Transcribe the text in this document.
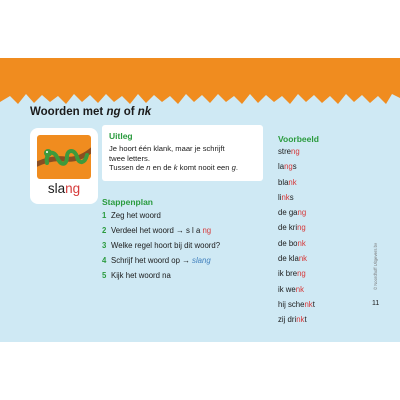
Woorden met ng of nk
slang
Uitleg
Je hoort één klank, maar je schrijft
twee letters.
Tussen de n en de k komt nooit een g.
Stappenplan
1 Zeg het woord
2 Verdeel het woord → s l a ng
3 Welke regel hoort bij dit woord?
4 Schrijf het woord op → slang
5 Kijk het woord na
Voorbeeld
streng
langs
blank
links
de gang
de kring
de bonk
de klank
ik breng
ik wenk
hij schenkt
zij drinkt
© Noordhoff Uitgevers bv
11
